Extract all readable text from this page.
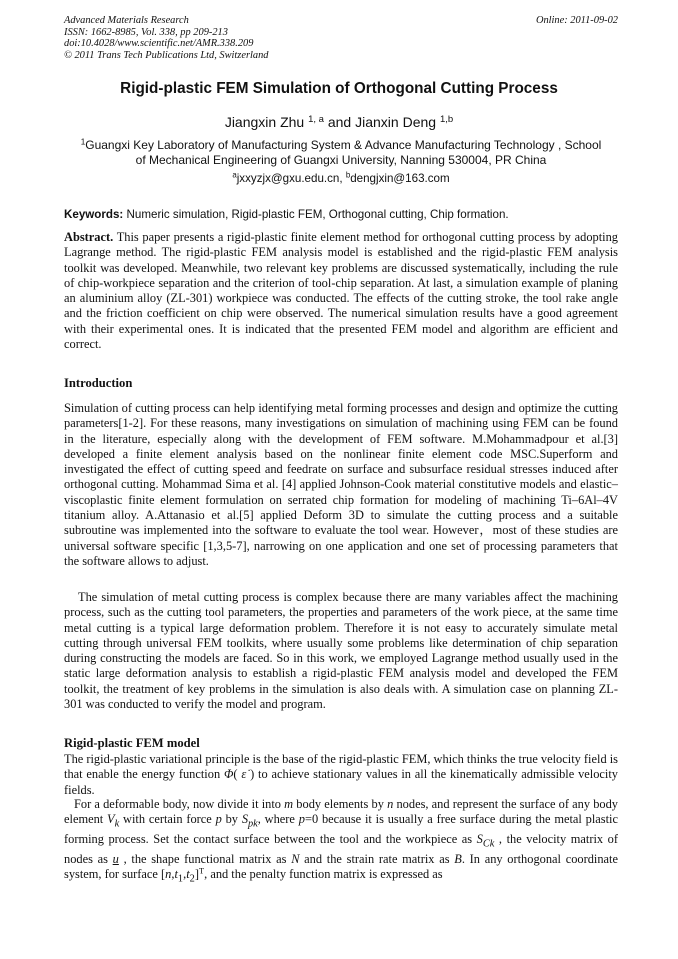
Advanced Materials Research	Online: 2011-09-02
ISSN: 1662-8985, Vol. 338, pp 209-213
doi:10.4028/www.scientific.net/AMR.338.209
© 2011 Trans Tech Publications Ltd, Switzerland
Rigid-plastic FEM Simulation of Orthogonal Cutting Process
Jiangxin Zhu $^{1, a}$ and Jianxin Deng $^{1,b}$
$^1$Guangxi Key Laboratory of Manufacturing System & Advance Manufacturing Technology , School
of Mechanical Engineering of Guangxi University, Nanning 530004, PR China
$^a$jxxyzjx@gxu.edu.cn, $^b$dengjxin@163.com
Keywords: Numeric simulation, Rigid-plastic FEM, Orthogonal cutting, Chip formation.
Abstract. This paper presents a rigid-plastic finite element method for orthogonal cutting process by adopting Lagrange method. The rigid-plastic FEM analysis model is established and the rigid-plastic FEM analysis toolkit was developed. Meanwhile, two relevant key problems are discussed systematically, including the rule of chip-workpiece separation and the criterion of tool-chip separation. At last, a simulation example of planing an aluminium alloy (ZL-301) workpiece was conducted. The effects of the cutting stroke, the tool rake angle and the friction coefficient on chip were observed. The numerical simulation results have a good agreement with their experimental ones. It is indicated that the presented FEM model and algorithm are efficient and correct.
Introduction
Simulation of cutting process can help identifying metal forming processes and design and optimize the cutting parameters[1-2]. For these reasons, many investigations on simulation of machining using FEM can be found in the literature, especially along with the development of FEM software. M.Mohammadpour et al.[3] developed a finite element analysis based on the nonlinear finite element code MSC.Superform and investigated the effect of cutting speed and feedrate on surface and subsurface residual stresses induced after orthogonal cutting. Mohammad Sima et al. [4] applied Johnson-Cook material constitutive models and elastic–viscoplastic finite element formulation on serrated chip formation for modeling of machining Ti–6Al–4V titanium alloy. A.Attanasio et al.[5] applied Deform 3D to simulate the cutting process and a suitable subroutine was implemented into the software to evaluate the tool wear. However，most of these studies are universal software specific [1,3,5-7], narrowing on one application and one set of processing parameters that the software allows to adjust.
The simulation of metal cutting process is complex because there are many variables affect the machining process, such as the cutting tool parameters, the properties and parameters of the work piece, at the same time metal cutting is a typical large deformation problem. Therefore it is not easy to accurately simulate metal cutting through universal FEM toolkits, where usually some problems like determination of chip separation during constructing the models are faced. So in this work, we employed Lagrange method usually used in the static large deformation analysis to establish a rigid-plastic FEM analysis model and developed the FEM toolkit, the treatment of key problems in the simulation is also deals with. A simulation case on planning ZL-301 was conducted to verify the model and program.
Rigid-plastic FEM model
The rigid-plastic variational principle is the base of the rigid-plastic FEM, which thinks the true velocity field is that enable the energy function Φ( ε̇ ) to achieve stationary values in all the kinematically admissible velocity fields.
For a deformable body, now divide it into m body elements by n nodes, and represent the surface of any body element $V_k$ with certain force p by $S_{pk}$, where p=0 because it is usually a free surface during the metal plastic forming process. Set the contact surface between the tool and the workpiece as $S_{Ck}$ , the velocity matrix of nodes as u , the shape functional matrix as N and the strain rate matrix as B. In any orthogonal coordinate system, for surface $[n,t_1,t_2]^T$, and the penalty function matrix is expressed as
